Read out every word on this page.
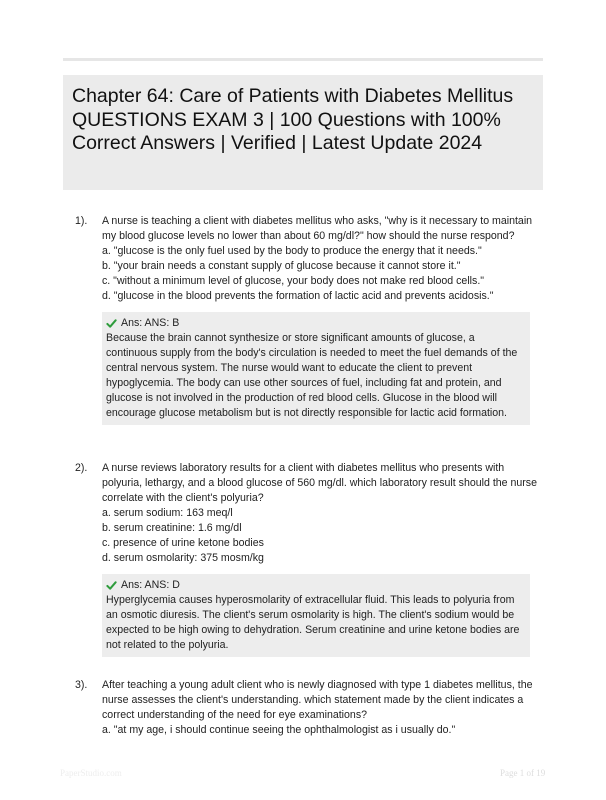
Chapter 64: Care of Patients with Diabetes Mellitus QUESTIONS EXAM 3 | 100 Questions with 100% Correct Answers | Verified | Latest Update 2024
1). A nurse is teaching a client with diabetes mellitus who asks, "why is it necessary to maintain my blood glucose levels no lower than about 60 mg/dl?" how should the nurse respond?

a. "glucose is the only fuel used by the body to produce the energy that it needs."

b. "your brain needs a constant supply of glucose because it cannot store it."

c. "without a minimum level of glucose, your body does not make red blood cells."

d. "glucose in the blood prevents the formation of lactic acid and prevents acidosis."

Ans: ANS: B
Because the brain cannot synthesize or store significant amounts of glucose, a continuous supply from the body's circulation is needed to meet the fuel demands of the central nervous system. The nurse would want to educate the client to prevent hypoglycemia. The body can use other sources of fuel, including fat and protein, and glucose is not involved in the production of red blood cells. Glucose in the blood will encourage glucose metabolism but is not directly responsible for lactic acid formation.
2). A nurse reviews laboratory results for a client with diabetes mellitus who presents with polyuria, lethargy, and a blood glucose of 560 mg/dl. which laboratory result should the nurse correlate with the client's polyuria?

a. serum sodium: 163 meq/l

b. serum creatinine: 1.6 mg/dl

c. presence of urine ketone bodies

d. serum osmolarity: 375 mosm/kg

Ans: ANS: D
Hyperglycemia causes hyperosmolarity of extracellular fluid. This leads to polyuria from an osmotic diuresis. The client's serum osmolarity is high. The client's sodium would be expected to be high owing to dehydration. Serum creatinine and urine ketone bodies are not related to the polyuria.
3). After teaching a young adult client who is newly diagnosed with type 1 diabetes mellitus, the nurse assesses the client's understanding. which statement made by the client indicates a correct understanding of the need for eye examinations?

a. "at my age, i should continue seeing the ophthalmologist as i usually do."

PaperStudio.com	Page 1 of 19
